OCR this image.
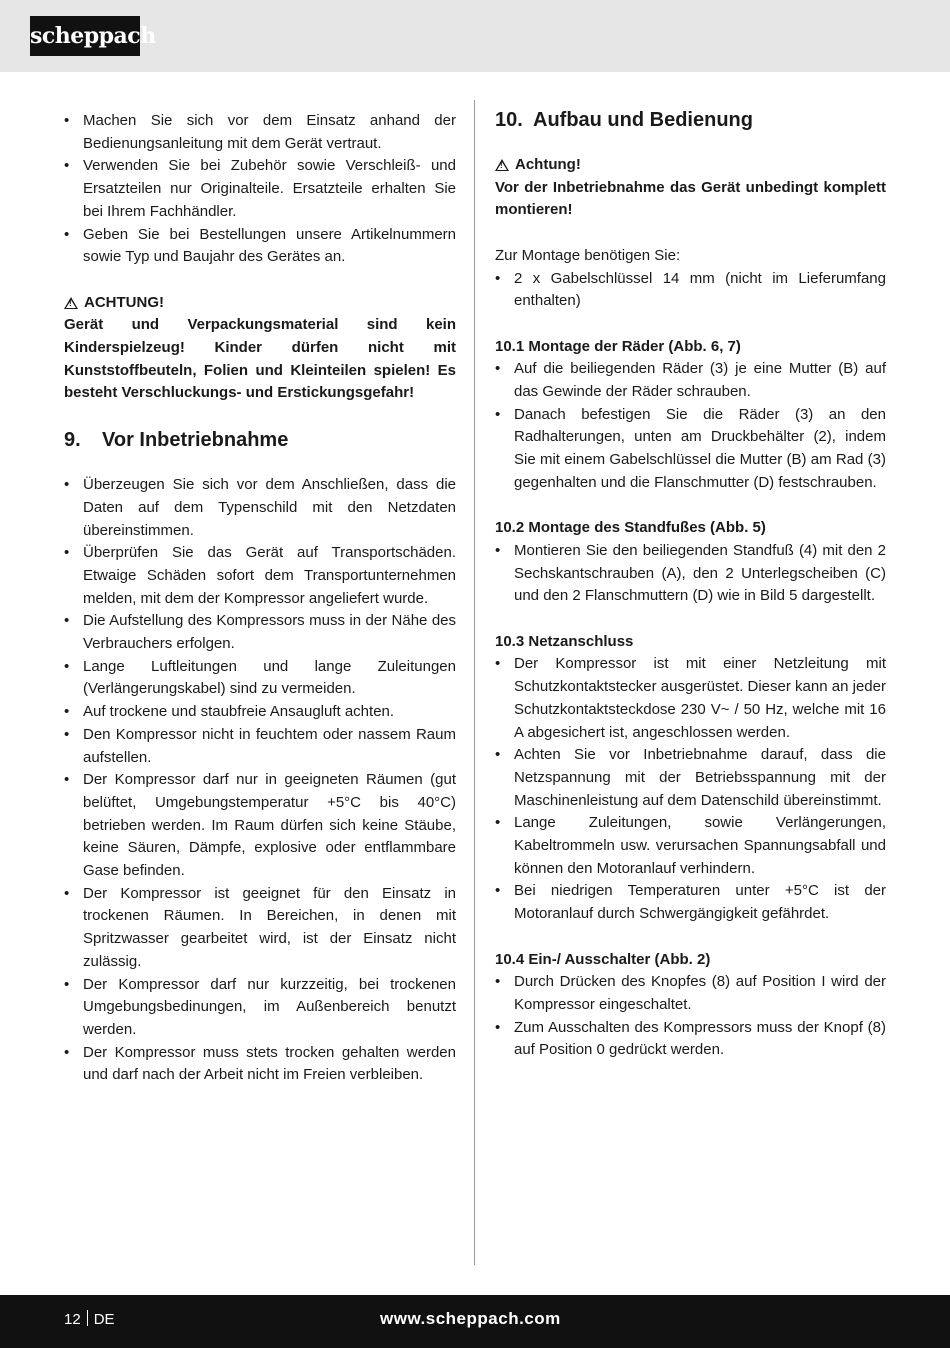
scheppach
• Machen Sie sich vor dem Einsatz anhand der Bedienungsanleitung mit dem Gerät vertraut.
• Verwenden Sie bei Zubehör sowie Verschleiß- und Ersatzteilen nur Originalteile. Ersatzteile erhalten Sie bei Ihrem Fachhändler.
• Geben Sie bei Bestellungen unsere Artikelnummern sowie Typ und Baujahr des Gerätes an.

!
ACHTUNG!

Gerät und Verpackungsmaterial sind kein Kinderspielzeug! Kinder dürfen nicht mit Kunststoffbeuteln, Folien und Kleinteilen spielen! Es besteht Verschluckungs- und Erstickungsgefahr!

9.	Vor Inbetriebnahme
• Überzeugen Sie sich vor dem Anschließen, dass die Daten auf dem Typenschild mit den Netzdaten übereinstimmen.
• Überprüfen Sie das Gerät auf Transportschäden. Etwaige Schäden sofort dem Transportunternehmen melden, mit dem der Kompressor angeliefert wurde.
• Die Aufstellung des Kompressors muss in der Nähe des Verbrauchers erfolgen.
• Lange Luftleitungen und lange Zuleitungen (Verlängerungskabel) sind zu vermeiden.
• Auf trockene und staubfreie Ansaugluft achten.
• Den Kompressor nicht in feuchtem oder nassem Raum aufstellen.
• Der Kompressor darf nur in geeigneten Räumen (gut belüftet, Umgebungstemperatur +5°C bis 40°C) betrieben werden. Im Raum dürfen sich keine Stäube, keine Säuren, Dämpfe, explosive oder entflammbare Gase befinden.
• Der Kompressor ist geeignet für den Einsatz in trockenen Räumen. In Bereichen, in denen mit Spritzwasser gearbeitet wird, ist der Einsatz nicht zulässig.
• Der Kompressor darf nur kurzzeitig, bei trockenen Umgebungsbedinungen, im Außenbereich benutzt werden.
• Der Kompressor muss stets trocken gehalten werden und darf nach der Arbeit nicht im Freien verbleiben.
10. Aufbau und Bedienung

!
Achtung!

Vor der Inbetriebnahme das Gerät unbedingt komplett montieren!

Zur Montage benötigen Sie:

• 2 x Gabelschlüssel 14 mm (nicht im Lieferumfang enthalten)

10.1 Montage der Räder (Abb. 6, 7)

• Auf die beiliegenden Räder (3) je eine Mutter (B) auf das Gewinde der Räder schrauben.
• Danach befestigen Sie die Räder (3) an den Radhalterungen, unten am Druckbehälter (2), indem Sie mit einem Gabelschlüssel die Mutter (B) am Rad (3) gegenhalten und die Flanschmutter (D) festschrauben.

10.2 Montage des Standfußes (Abb. 5)

• Montieren Sie den beiliegenden Standfuß (4) mit den 2 Sechskantschrauben (A), den 2 Unterlegscheiben (C) und den 2 Flanschmuttern (D) wie in Bild 5 dargestellt.

10.3 Netzanschluss

• Der Kompressor ist mit einer Netzleitung mit Schutzkontaktstecker ausgerüstet. Dieser kann an jeder Schutzkontaktsteckdose 230 V~ / 50 Hz, welche mit 16 A abgesichert ist, angeschlossen werden.
• Achten Sie vor Inbetriebnahme darauf, dass die Netzspannung mit der Betriebsspannung mit der Maschinenleistung auf dem Datenschild übereinstimmt.
• Lange Zuleitungen, sowie Verlängerungen, Kabeltrommeln usw. verursachen Spannungsabfall und können den Motoranlauf verhindern.
• Bei niedrigen Temperaturen unter +5°C ist der Motoranlauf durch Schwergängigkeit gefährdet.

10.4 Ein-/ Ausschalter (Abb. 2)

• Durch Drücken des Knopfes (8) auf Position I wird der Kompressor eingeschaltet.
• Zum Ausschalten des Kompressors muss der Knopf (8) auf Position 0 gedrückt werden.
12 DE	www.scheppach.com
